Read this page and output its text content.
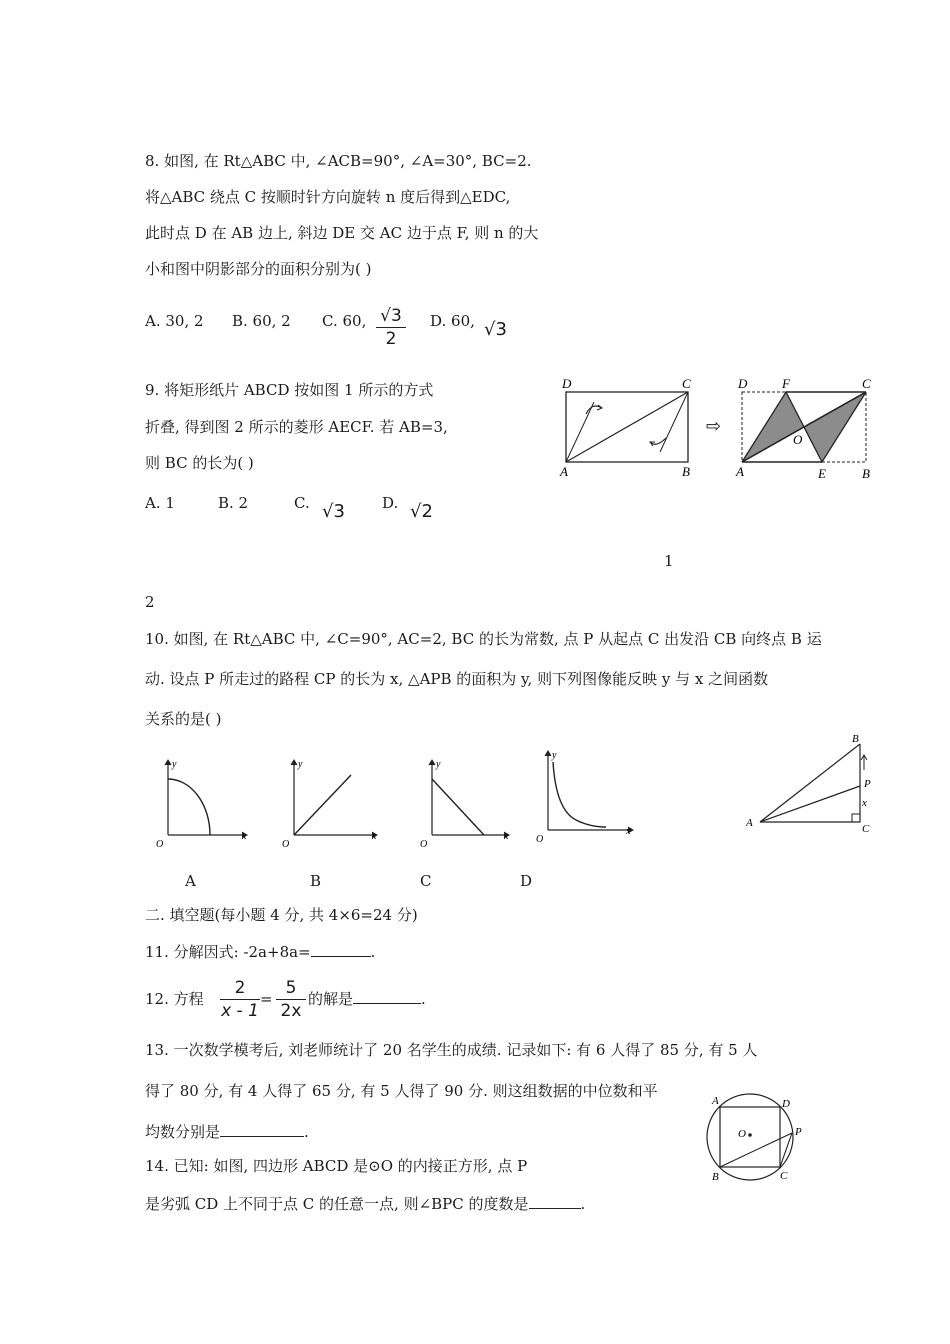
8. 如图, 在 Rt△ABC 中, ∠ACB=90°, ∠A=30°, BC=2.
将△ABC 绕点 C 按顺时针方向旋转 n 度后得到△EDC,
此时点 D 在 AB 边上, 斜边 DE 交 AC 边于点 F, 则 n 的大
小和图中阴影部分的面积分别为( )
A. 30, 2 B. 60, 2 C. 60, √3
2
D. 60, √3
9. 将矩形纸片 ABCD 按如图 1 所示的方式
折叠, 得到图 2 所示的菱形 AECF. 若 AB=3,
则 BC 的长为( )
A. 1	B. 2	C. √3 D. √2
D	C
A	B
⇨
D	F	C
O
A	E	B
1
2
10. 如图, 在 Rt△ABC 中, ∠C=90°, AC=2, BC 的长为常数, 点 P 从起点 C 出发沿 CB 向终点 B 运
动. 设点 P 所走过的路程 CP 的长为 x, △APB 的面积为 y, 则下列图像能反映 y 与 x 之间函数
关系的是( )
y
x
O
y
x
O
y
x
O
y
x
O
A	B	C	D
B
P
x
A	C
二. 填空题(每小题 4 分, 共 4×6=24 分)
11. 分解因式: -2a+8a=	.
12. 方程
2
x - 1
=
5
2x
的解是	.
13. 一次数学模考后, 刘老师统计了 20 名学生的成绩. 记录如下: 有 6 人得了 85 分, 有 5 人
得了 80 分, 有 4 人得了 65 分, 有 5 人得了 90 分. 则这组数据的中位数和平
均数分别是	.
14. 已知: 如图, 四边形 ABCD 是⊙O 的内接正方形, 点 P
是劣弧 CD 上不同于点 C 的任意一点, 则∠BPC 的度数是	.
A	D
O	P
B	C
